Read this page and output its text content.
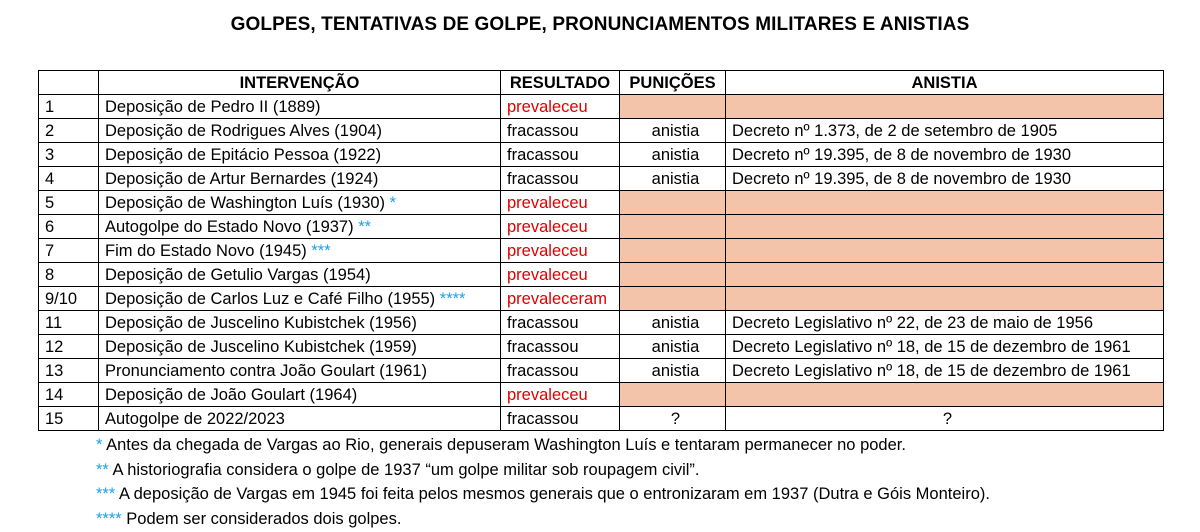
GOLPES, TENTATIVAS DE GOLPE, PRONUNCIAMENTOS MILITARES E ANISTIAS
	INTERVENÇÃO	RESULTADO	PUNIÇÕES	ANISTIA
1	Deposição de Pedro II (1889)	prevaleceu		
2	Deposição de Rodrigues Alves (1904)	fracassou	anistia	Decreto nº 1.373, de 2 de setembro de 1905
3	Deposição de Epitácio Pessoa (1922)	fracassou	anistia	Decreto nº 19.395, de 8 de novembro de 1930
4	Deposição de Artur Bernardes (1924)	fracassou	anistia	Decreto nº 19.395, de 8 de novembro de 1930
5	Deposição de Washington Luís (1930) *	prevaleceu		
6	Autogolpe do Estado Novo (1937) **	prevaleceu		
7	Fim do Estado Novo (1945) ***	prevaleceu		
8	Deposição de Getulio Vargas (1954)	prevaleceu		
9/10	Deposição de Carlos Luz e Café Filho (1955) ****	prevaleceram		
11	Deposição de Juscelino Kubistchek (1956)	fracassou	anistia	Decreto Legislativo nº 22, de 23 de maio de 1956
12	Deposição de Juscelino Kubistchek (1959)	fracassou	anistia	Decreto Legislativo nº 18, de 15 de dezembro de 1961
13	Pronunciamento contra João Goulart (1961)	fracassou	anistia	Decreto Legislativo nº 18, de 15 de dezembro de 1961
14	Deposição de João Goulart (1964)	prevaleceu		
15	Autogolpe de 2022/2023	fracassou	?	?
* Antes da chegada de Vargas ao Rio, generais depuseram Washington Luís e tentaram permanecer no poder.
** A historiografia considera o golpe de 1937 “um golpe militar sob roupagem civil”.
*** A deposição de Vargas em 1945 foi feita pelos mesmos generais que o entronizaram em 1937 (Dutra e Góis Monteiro).
**** Podem ser considerados dois golpes.
